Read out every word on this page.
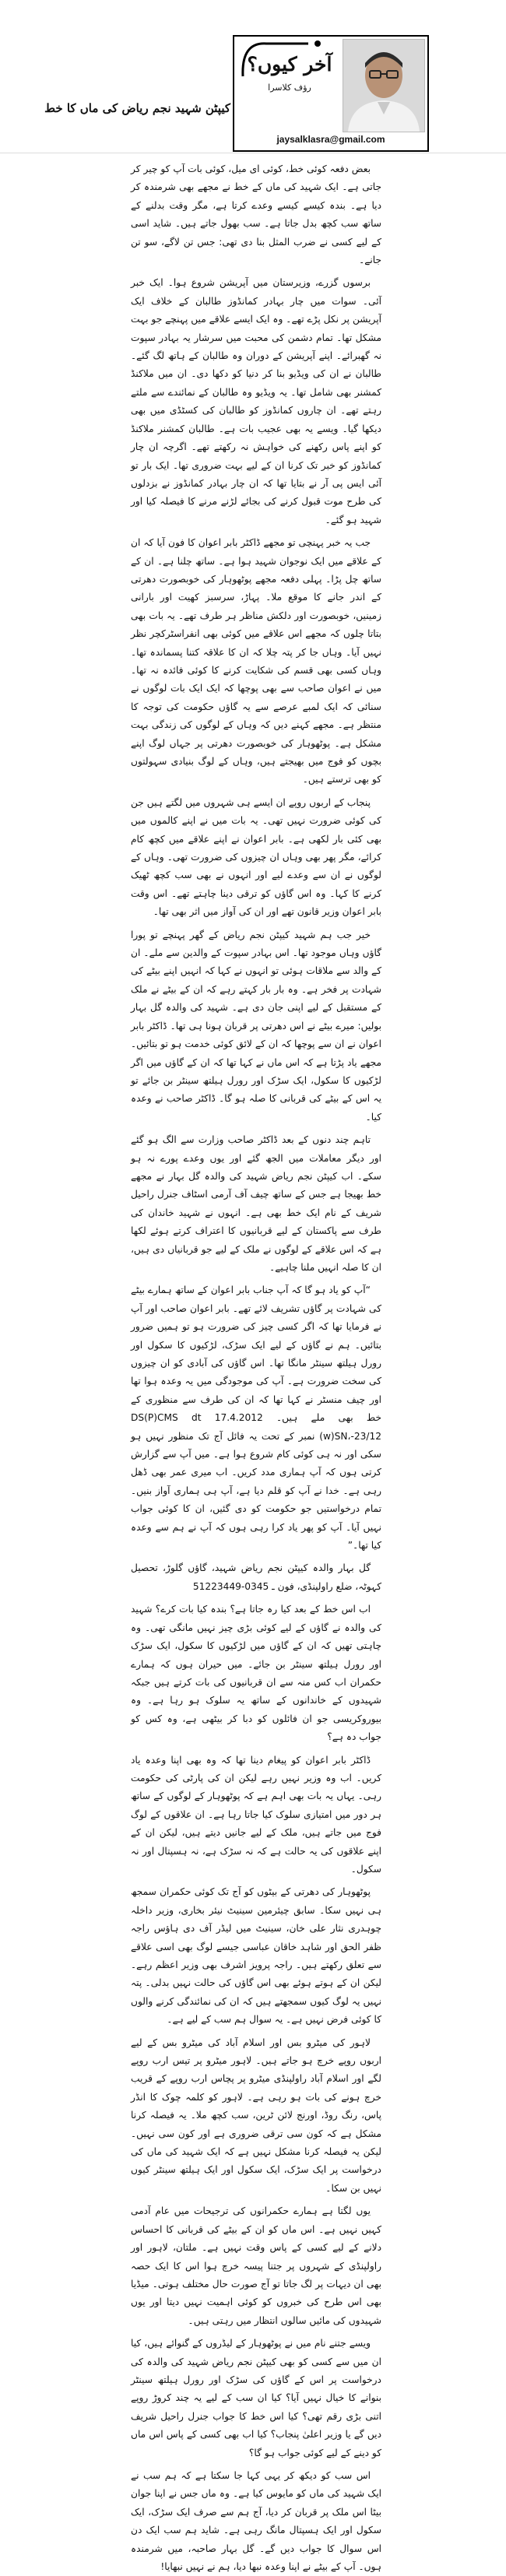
آخر کیوں؟
رؤف کلاسرا
jaysalklasra@gmail.com
کیپٹن شہید نجم ریاض کی ماں کا خط

بعض دفعہ کوئی خط، کوئی ای میل، کوئی بات آپ کو چیر کر جاتی ہے۔ ایک شہید کی ماں کے خط نے مجھے بھی شرمندہ کر دیا ہے۔ بندہ کیسے کیسے وعدے کرتا ہے، مگر وقت بدلنے کے ساتھ سب کچھ بدل جاتا ہے۔ سب بھول جاتے ہیں۔ شاید اسی کے لیے کسی نے ضرب المثل بنا دی تھی: جس تن لاگے، سو تن جانے۔

برسوں گزرے، وزیرستان میں آپریشن شروع ہوا۔ ایک خبر آئی۔ سوات میں چار بہادر کمانڈوز طالبان کے خلاف ایک آپریشن پر نکل پڑے تھے۔ وہ ایک ایسے علاقے میں پہنچے جو بہت مشکل تھا۔ تمام دشمن کی محبت میں سرشار یہ بہادر سپوت نہ گھبرائے۔ اپنے آپریشن کے دوران وہ طالبان کے ہاتھ لگ گئے۔ طالبان نے ان کی ویڈیو بنا کر دنیا کو دکھا دی۔ ان میں ملاکنڈ کمشنر بھی شامل تھا۔ یہ ویڈیو وہ طالبان کے نمائندے سے ملتے رہتے تھے۔ ان چاروں کمانڈوز کو طالبان کی کسٹڈی میں بھی دیکھا گیا۔ ویسے یہ بھی عجیب بات ہے۔ طالبان کمشنر ملاکنڈ کو اپنے پاس رکھنے کی خواہش نہ رکھتے تھے۔ اگرچہ ان چار کمانڈوز کو خبر تک کرنا ان کے لیے بہت ضروری تھا۔ ایک بار تو آئی ایس پی آر نے بتایا تھا کہ ان چار بہادر کمانڈوز نے بزدلوں کی طرح موت قبول کرنے کی بجائے لڑنے مرنے کا فیصلہ کیا اور شہید ہو گئے۔

جب یہ خبر پہنچی تو مجھے ڈاکٹر بابر اعوان کا فون آیا کہ ان کے علاقے میں ایک نوجوان شہید ہوا ہے۔ ساتھ چلنا ہے۔ ان کے ساتھ چل پڑا۔ پہلی دفعہ مجھے پوٹھوہار کی خوبصورت دھرتی کے اندر جانے کا موقع ملا۔ پہاڑ، سرسبز کھیت اور بارانی زمینیں، خوبصورت اور دلکش مناظر ہر طرف تھے۔ یہ بات بھی بتاتا چلوں کہ مجھے اس علاقے میں کوئی بھی انفراسٹرکچر نظر نہیں آیا۔ وہاں جا کر پتہ چلا کہ ان کا علاقہ کتنا پسماندہ تھا۔ وہاں کسی بھی قسم کی شکایت کرنے کا کوئی فائدہ نہ تھا۔ میں نے اعوان صاحب سے بھی پوچھا کہ ایک ایک بات لوگوں نے سنائی کہ ایک لمبے عرصے سے یہ گاؤں حکومت کی توجہ کا منتظر ہے۔ مجھے کہنے دیں کہ وہاں کے لوگوں کی زندگی بہت مشکل ہے۔ پوٹھوہار کی خوبصورت دھرتی پر جہاں لوگ اپنے بچوں کو فوج میں بھیجتے ہیں، وہاں کے لوگ بنیادی سہولتوں کو بھی ترستے ہیں۔

پنجاب کے اربوں روپے ان ایسے ہی شہروں میں لگتے ہیں جن کی کوئی ضرورت نہیں تھی۔ یہ بات میں نے اپنے کالموں میں بھی کئی بار لکھی ہے۔ بابر اعوان نے اپنے علاقے میں کچھ کام کرائے، مگر پھر بھی وہاں ان چیزوں کی ضرورت تھی۔ وہاں کے لوگوں نے ان سے وعدے لیے اور انہوں نے بھی سب کچھ ٹھیک کرنے کا کہا۔ وہ اس گاؤں کو ترقی دینا چاہتے تھے۔ اس وقت بابر اعوان وزیر قانون تھے اور ان کی آواز میں اثر بھی تھا۔

خیر جب ہم شہید کیپٹن نجم ریاض کے گھر پہنچے تو پورا گاؤں وہاں موجود تھا۔ اس بہادر سپوت کے والدین سے ملے۔ ان کے والد سے ملاقات ہوئی تو انہوں نے کہا کہ انہیں اپنے بیٹے کی شہادت پر فخر ہے۔ وہ بار بار کہتے رہے کہ ان کے بیٹے نے ملک کے مستقبل کے لیے اپنی جان دی ہے۔ شہید کی والدہ گل بہار بولیں: میرے بیٹے نے اس دھرتی پر قربان ہونا ہی تھا۔ ڈاکٹر بابر اعوان نے ان سے پوچھا کہ ان کے لائق کوئی خدمت ہو تو بتائیں۔ مجھے یاد پڑتا ہے کہ اس ماں نے کہا تھا کہ ان کے گاؤں میں اگر لڑکیوں کا سکول، ایک سڑک اور رورل ہیلتھ سینٹر بن جائے تو یہ اس کے بیٹے کی قربانی کا صلہ ہو گا۔ ڈاکٹر صاحب نے وعدہ کیا۔

تاہم چند دنوں کے بعد ڈاکٹر صاحب وزارت سے الگ ہو گئے اور دیگر معاملات میں الجھ گئے اور یوں وعدے پورے نہ ہو سکے۔ اب کیپٹن نجم ریاض شہید کی والدہ گل بہار نے مجھے خط بھیجا ہے جس کے ساتھ چیف آف آرمی اسٹاف جنرل راحیل شریف کے نام ایک خط بھی ہے۔ انہوں نے شہید خاندان کی طرف سے پاکستان کے لیے قربانیوں کا اعتراف کرتے ہوئے لکھا ہے کہ اس علاقے کے لوگوں نے ملک کے لیے جو قربانیاں دی ہیں، ان کا صلہ انہیں ملنا چاہیے۔

“آپ کو یاد ہو گا کہ آپ جناب بابر اعوان کے ساتھ ہمارے بیٹے کی شہادت پر گاؤں تشریف لائے تھے۔ بابر اعوان صاحب اور آپ نے فرمایا تھا کہ اگر کسی چیز کی ضرورت ہو تو ہمیں ضرور بتائیں۔ ہم نے گاؤں کے لیے ایک سڑک، لڑکیوں کا سکول اور رورل ہیلتھ سینٹر مانگا تھا۔ اس گاؤں کی آبادی کو ان چیزوں کی سخت ضرورت ہے۔ آپ کی موجودگی میں یہ وعدہ ہوا تھا اور چیف منسٹر نے کہا تھا کہ ان کی طرف سے منظوری کے خط بھی ملے ہیں۔ DS(P)CMS dt 17.4.2012 (w)SN،-23/12 نمبر کے تحت یہ فائل آج تک منظور نہیں ہو سکی اور نہ ہی کوئی کام شروع ہوا ہے۔ میں آپ سے گزارش کرتی ہوں کہ آپ ہماری مدد کریں۔ اب میری عمر بھی ڈھل رہی ہے۔ خدا نے آپ کو قلم دیا ہے، آپ ہی ہماری آواز بنیں۔ تمام درخواستیں جو حکومت کو دی گئیں، ان کا کوئی جواب نہیں آیا۔ آپ کو پھر یاد کرا رہی ہوں کہ آپ نے ہم سے وعدہ کیا تھا۔”

گل بہار والدہ کیپٹن نجم ریاض شہید، گاؤں گلوڑ، تحصیل کہوٹہ، ضلع راولپنڈی، فون ـ 0345-51223449

اب اس خط کے بعد کیا رہ جاتا ہے؟ بندہ کیا بات کرے؟ شہید کی والدہ نے گاؤں کے لیے کوئی بڑی چیز نہیں مانگی تھی۔ وہ چاہتی تھیں کہ ان کے گاؤں میں لڑکیوں کا سکول، ایک سڑک اور رورل ہیلتھ سینٹر بن جائے۔ میں حیران ہوں کہ ہمارے حکمران اب کس منہ سے ان قربانیوں کی بات کرتے ہیں جبکہ شہیدوں کے خاندانوں کے ساتھ یہ سلوک ہو رہا ہے۔ وہ بیوروکریسی جو ان فائلوں کو دبا کر بیٹھی ہے، وہ کس کو جواب دہ ہے؟

ڈاکٹر بابر اعوان کو پیغام دینا تھا کہ وہ بھی اپنا وعدہ یاد کریں۔ اب وہ وزیر نہیں رہے لیکن ان کی پارٹی کی حکومت رہی۔ یہاں یہ بات بھی اہم ہے کہ پوٹھوہار کے لوگوں کے ساتھ ہر دور میں امتیازی سلوک کیا جاتا رہا ہے۔ ان علاقوں کے لوگ فوج میں جاتے ہیں، ملک کے لیے جانیں دیتے ہیں، لیکن ان کے اپنے علاقوں کی یہ حالت ہے کہ نہ سڑک ہے، نہ ہسپتال اور نہ سکول۔

پوٹھوہار کی دھرتی کے بیٹوں کو آج تک کوئی حکمران سمجھ ہی نہیں سکا۔ سابق چیئرمین سینیٹ نیئر بخاری، وزیر داخلہ چوہدری نثار علی خان، سینیٹ میں لیڈر آف دی ہاؤس راجہ ظفر الحق اور شاہد خاقان عباسی جیسے لوگ بھی اسی علاقے سے تعلق رکھتے ہیں۔ راجہ پرویز اشرف بھی وزیر اعظم رہے۔ لیکن ان کے ہوتے ہوئے بھی اس گاؤں کی حالت نہیں بدلی۔ پتہ نہیں یہ لوگ کیوں سمجھتے ہیں کہ ان کی نمائندگی کرنے والوں کا کوئی فرض نہیں ہے۔ یہ سوال ہم سب کے لیے ہے۔

لاہور کی میٹرو بس اور اسلام آباد کی میٹرو بس کے لیے اربوں روپے خرچ ہو جاتے ہیں۔ لاہور میٹرو پر تیس ارب روپے لگے اور اسلام آباد راولپنڈی میٹرو پر پچاس ارب روپے کے قریب خرچ ہونے کی بات ہو رہی ہے۔ لاہور کو کلمہ چوک کا انڈر پاس، رنگ روڈ، اورنج لائن ٹرین، سب کچھ ملا۔ یہ فیصلہ کرنا مشکل ہے کہ کون سی ترقی ضروری ہے اور کون سی نہیں۔ لیکن یہ فیصلہ کرنا مشکل نہیں ہے کہ ایک شہید کی ماں کی درخواست پر ایک سڑک، ایک سکول اور ایک ہیلتھ سینٹر کیوں نہیں بن سکا۔

یوں لگتا ہے ہمارے حکمرانوں کی ترجیحات میں عام آدمی کہیں نہیں ہے۔ اس ماں کو ان کے بیٹے کی قربانی کا احساس دلانے کے لیے کسی کے پاس وقت نہیں ہے۔ ملتان، لاہور اور راولپنڈی کے شہروں پر جتنا پیسہ خرچ ہوا اس کا ایک حصہ بھی ان دیہات پر لگ جاتا تو آج صورت حال مختلف ہوتی۔ میڈیا بھی اس طرح کی خبروں کو کوئی اہمیت نہیں دیتا اور یوں شہیدوں کی مائیں سالوں انتظار میں رہتی ہیں۔

ویسے جتنے نام میں نے پوٹھوہار کے لیڈروں کے گنوائے ہیں، کیا ان میں سے کسی کو بھی کیپٹن نجم ریاض شہید کی والدہ کی درخواست پر اس کے گاؤں کی سڑک اور رورل ہیلتھ سینٹر بنوانے کا خیال نہیں آیا؟ کیا ان سب کے لیے یہ چند کروڑ روپے اتنی بڑی رقم تھی؟ کیا اس خط کا جواب جنرل راحیل شریف دیں گے یا وزیر اعلیٰ پنجاب؟ کیا اب بھی کسی کے پاس اس ماں کو دینے کے لیے کوئی جواب ہو گا؟

اس سب کو دیکھ کر یہی کہا جا سکتا ہے کہ ہم سب نے ایک شہید کی ماں کو مایوس کیا ہے۔ وہ ماں جس نے اپنا جوان بیٹا اس ملک پر قربان کر دیا، آج ہم سے صرف ایک سڑک، ایک سکول اور ایک ہسپتال مانگ رہی ہے۔ شاید ہم سب ایک دن اس سوال کا جواب دیں گے۔ گل بہار صاحبہ، میں شرمندہ ہوں۔ آپ کے بیٹے نے اپنا وعدہ نبھا دیا، ہم نے نہیں نبھایا!
